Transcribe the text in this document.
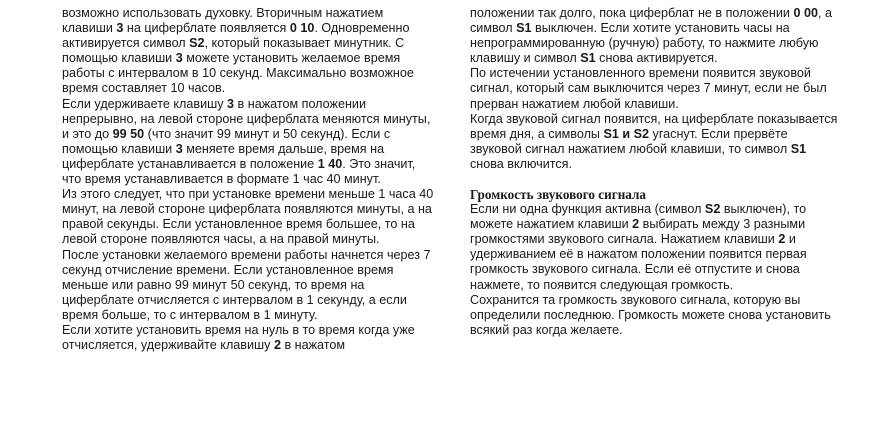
возможно использовать духовку. Вторичным нажатием клавиши 3 на циферблате появляется 0 10. Одновременно активируется символ S2, который показывает минутник. С помощью клавиши 3 можете установить желаемое время работы с интервалом в 10 секунд. Максимально возможное время составляет 10 часов.
Если удерживаете клавишу 3 в нажатом положении непрерывно, на левой стороне циферблата меняются минуты, и это до 99 50 (что значит 99 минут и 50 секунд). Если с помощью клавиши 3 меняете время дальше, время на циферблате устанавливается в положение 1 40. Это значит, что время устанавливается в формате 1 час 40 минут.
Из этого следует, что при установке времени меньше 1 часа 40 минут, на левой стороне циферблата появляются минуты, а на правой секунды. Если установленное время большее, то на левой стороне появляются часы, а на правой минуты.
После установки желаемого времени работы начнется через 7 секунд отчисление времени. Если установленное время меньше или равно 99 минут 50 секунд, то время на циферблате отчисляется с интервалом в 1 секунду, а если время больше, то с интервалом в 1 минуту.
Если хотите установить время на нуль в то время когда уже отчисляется, удерживайте клавишу 2 в нажатом
положении так долго, пока циферблат не в положении 0 00, а символ S1 выключен. Если хотите установить часы на непрограммированную (ручную) работу, то нажмите любую клавишу и символ S1 снова активируется.
По истечении установленного времени появится звуковой сигнал, который сам выключится через 7 минут, если не был прерван нажатием любой клавиши.
Когда звуковой сигнал появится, на циферблате показывается время дня, а символы S1 и S2 угаснут. Если прервёте звуковой сигнал нажатием любой клавиши, то символ S1 снова включится.
Громкость звукового сигнала
Если ни одна функция активна (символ S2 выключен), то можете нажатием клавиши 2 выбирать между 3 разными громкостями звукового сигнала. Нажатием клавиши 2 и удерживанием её в нажатом положении появится первая громкость звукового сигнала. Если её отпустите и снова нажмете, то появится следующая громкость.
Сохранится та громкость звукового сигнала, которую вы определили последнюю. Громкость можете снова установить всякий раз когда желаете.
